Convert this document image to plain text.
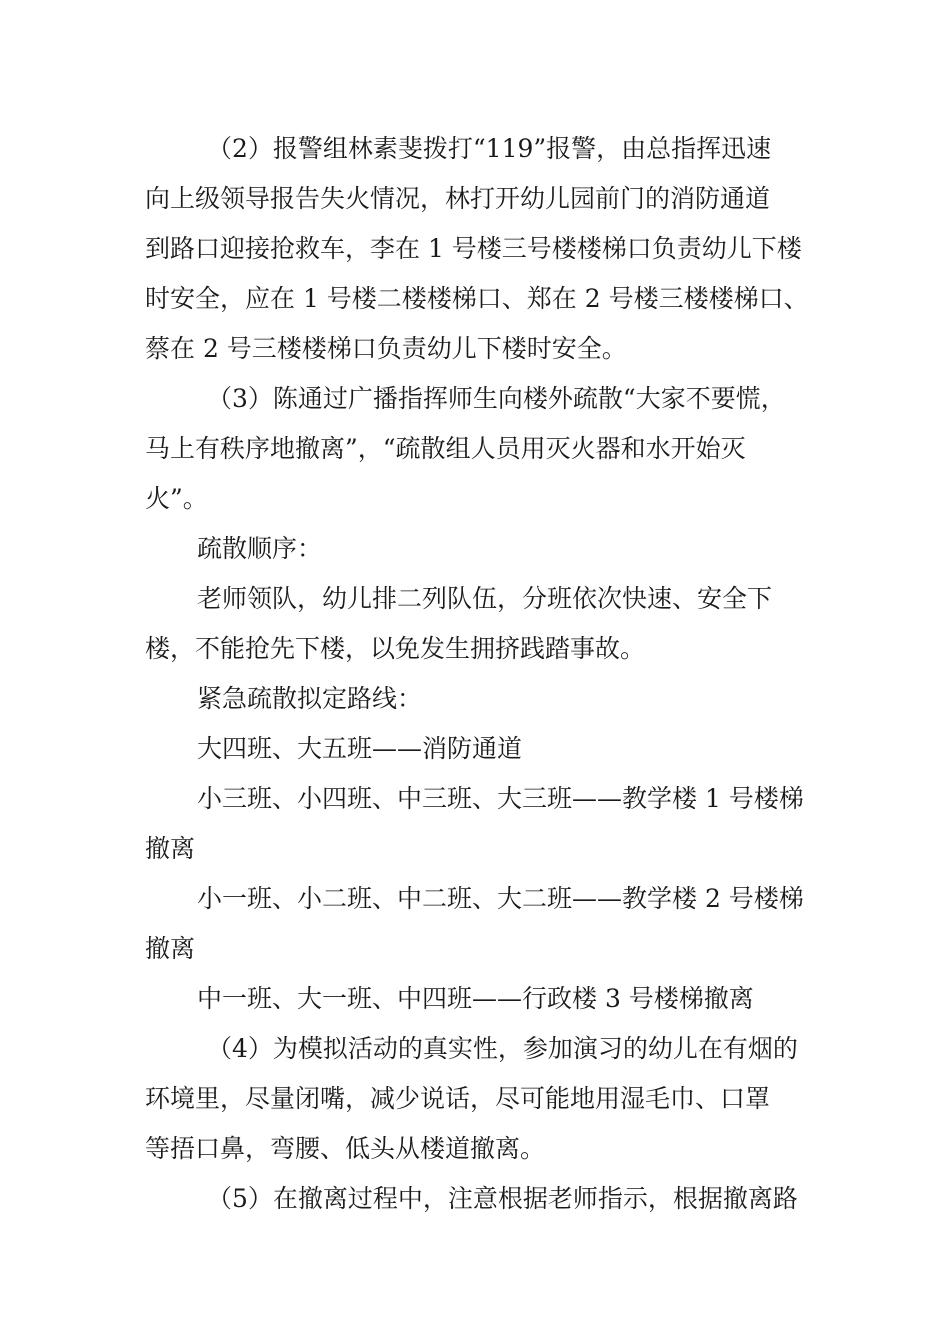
（2）报警组林素斐拨打“119”报警，由总指挥迅速
向上级领导报告失火情况，林打开幼儿园前门的消防通道
到路口迎接抢救车，李在 1 号楼三号楼楼梯口负责幼儿下楼
时安全，应在 1 号楼二楼楼梯口、郑在 2 号楼三楼楼梯口、
蔡在 2 号三楼楼梯口负责幼儿下楼时安全。
（3）陈通过广播指挥师生向楼外疏散“大家不要慌，
马上有秩序地撤离”，“疏散组人员用灭火器和水开始灭
火”。
疏散顺序：
老师领队，幼儿排二列队伍，分班依次快速、安全下
楼，不能抢先下楼，以免发生拥挤践踏事故。
紧急疏散拟定路线：
大四班、大五班——消防通道
小三班、小四班、中三班、大三班——教学楼 1 号楼梯
撤离
小一班、小二班、中二班、大二班——教学楼 2 号楼梯
撤离
中一班、大一班、中四班——行政楼 3 号楼梯撤离
（4）为模拟活动的真实性，参加演习的幼儿在有烟的
环境里，尽量闭嘴，减少说话，尽可能地用湿毛巾、口罩
等捂口鼻，弯腰、低头从楼道撤离。
（5）在撤离过程中，注意根据老师指示，根据撤离路
